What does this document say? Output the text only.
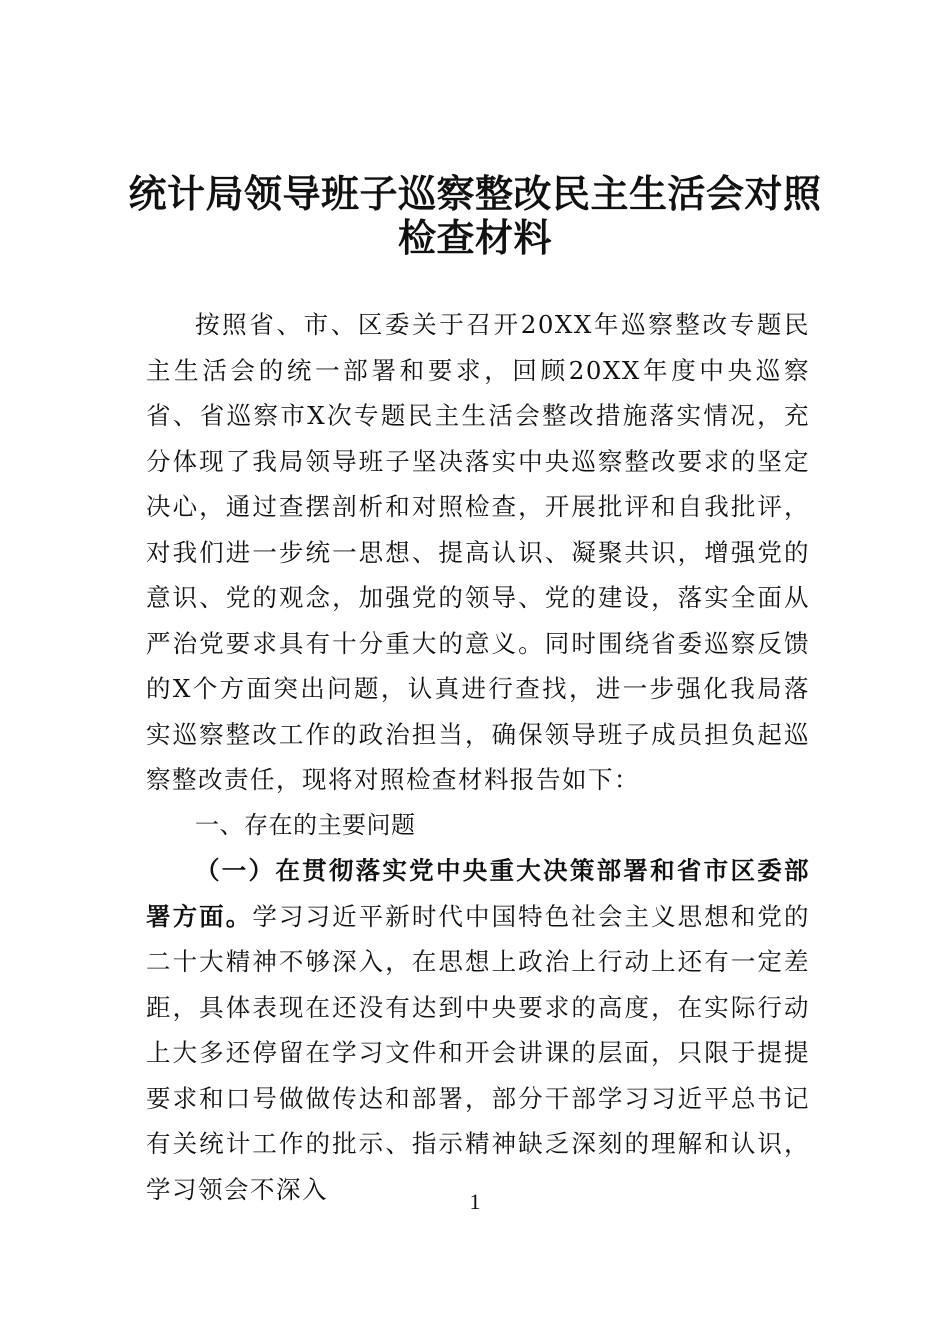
统计局领导班子巡察整改民主生活会对照
检查材料

按照省、市、区委关于召开20XX年巡察整改专题民主生活会的统一部署和要求，回顾20XX年度中央巡察省、省巡察市X次专题民主生活会整改措施落实情况，充分体现了我局领导班子坚决落实中央巡察整改要求的坚定决心，通过查摆剖析和对照检查，开展批评和自我批评，对我们进一步统一思想、提高认识、凝聚共识，增强党的意识、党的观念，加强党的领导、党的建设，落实全面从严治党要求具有十分重大的意义。同时围绕省委巡察反馈的X个方面突出问题，认真进行查找，进一步强化我局落实巡察整改工作的政治担当，确保领导班子成员担负起巡察整改责任，现将对照检查材料报告如下：

一、存在的主要问题

（一）在贯彻落实党中央重大决策部署和省市区委部署方面。学习习近平新时代中国特色社会主义思想和党的二十大精神不够深入，在思想上政治上行动上还有一定差距，具体表现在还没有达到中央要求的高度，在实际行动上大多还停留在学习文件和开会讲课的层面，只限于提提要求和口号做做传达和部署，部分干部学习习近平总书记有关统计工作的批示、指示精神缺乏深刻的理解和认识，学习领会不深入	1
